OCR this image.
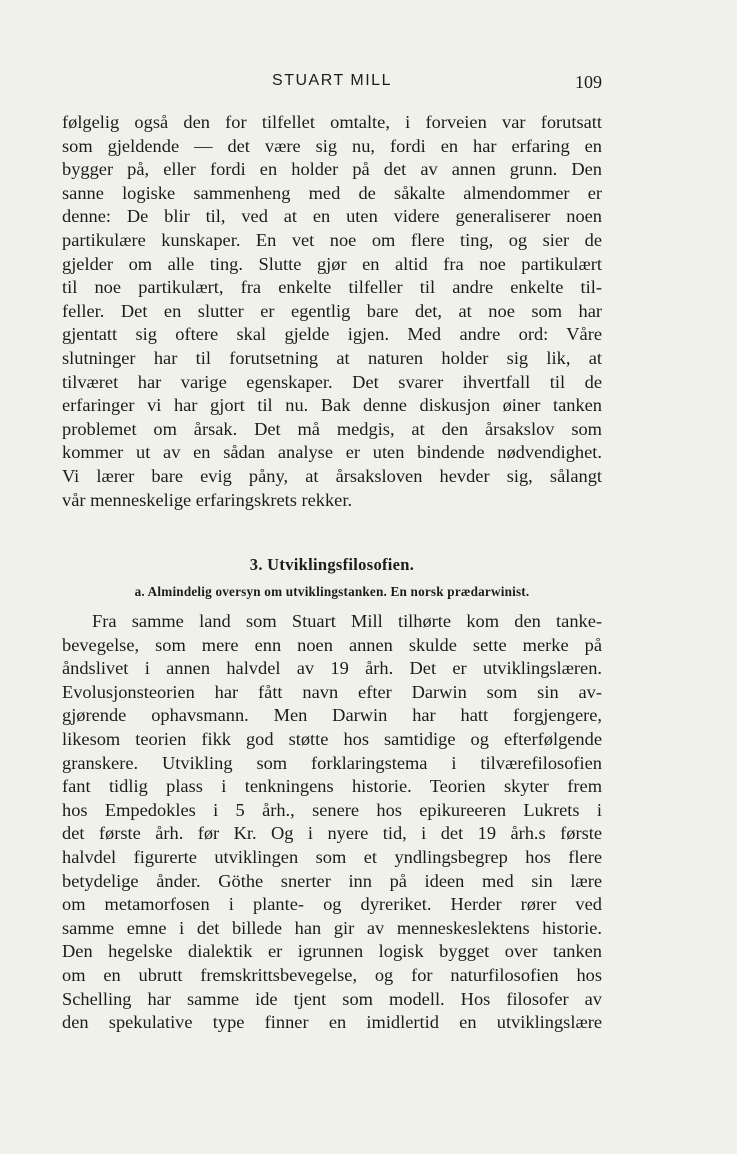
STUART MILL	109
følgelig også den for tilfellet omtalte, i forveien var forutsatt
som gjeldende — det være sig nu, fordi en har erfaring en
bygger på, eller fordi en holder på det av annen grunn. Den
sanne logiske sammenheng med de såkalte almendommer er
denne: De blir til, ved at en uten videre generaliserer noen
partikulære kunskaper. En vet noe om flere ting, og sier de
gjelder om alle ting. Slutte gjør en altid fra noe partikulært
til noe partikulært, fra enkelte tilfeller til andre enkelte til-
feller. Det en slutter er egentlig bare det, at noe som har
gjentatt sig oftere skal gjelde igjen. Med andre ord: Våre
slutninger har til forutsetning at naturen holder sig lik, at
tilværet har varige egenskaper. Det svarer ihvertfall til de
erfaringer vi har gjort til nu. Bak denne diskusjon øiner tanken
problemet om årsak. Det må medgis, at den årsakslov som
kommer ut av en sådan analyse er uten bindende nødvendighet.
Vi lærer bare evig påny, at årsaksloven hevder sig, sålangt
vår menneskelige erfaringskrets rekker.
3. Utviklingsfilosofien.
a. Almindelig oversyn om utviklingstanken. En norsk prædarwinist.
Fra samme land som Stuart Mill tilhørte kom den tanke-
bevegelse, som mere enn noen annen skulde sette merke på
åndslivet i annen halvdel av 19 årh. Det er utviklingslæren.
Evolusjonsteorien har fått navn efter Darwin som sin av-
gjørende ophavsmann. Men Darwin har hatt forgjengere,
likesom teorien fikk god støtte hos samtidige og efterfølgende
granskere. Utvikling som forklaringstema i tilværefilosofien
fant tidlig plass i tenkningens historie. Teorien skyter frem
hos Empedokles i 5 årh., senere hos epikureeren Lukrets i
det første årh. før Kr. Og i nyere tid, i det 19 årh.s første
halvdel figurerte utviklingen som et yndlingsbegrep hos flere
betydelige ånder. Göthe snerter inn på ideen med sin lære
om metamorfosen i plante- og dyreriket. Herder rører ved
samme emne i det billede han gir av menneskeslektens historie.
Den hegelske dialektik er igrunnen logisk bygget over tanken
om en ubrutt fremskrittsbevegelse, og for naturfilosofien hos
Schelling har samme ide tjent som modell. Hos filosofer av
den spekulative type finner en imidlertid en utviklingslære
